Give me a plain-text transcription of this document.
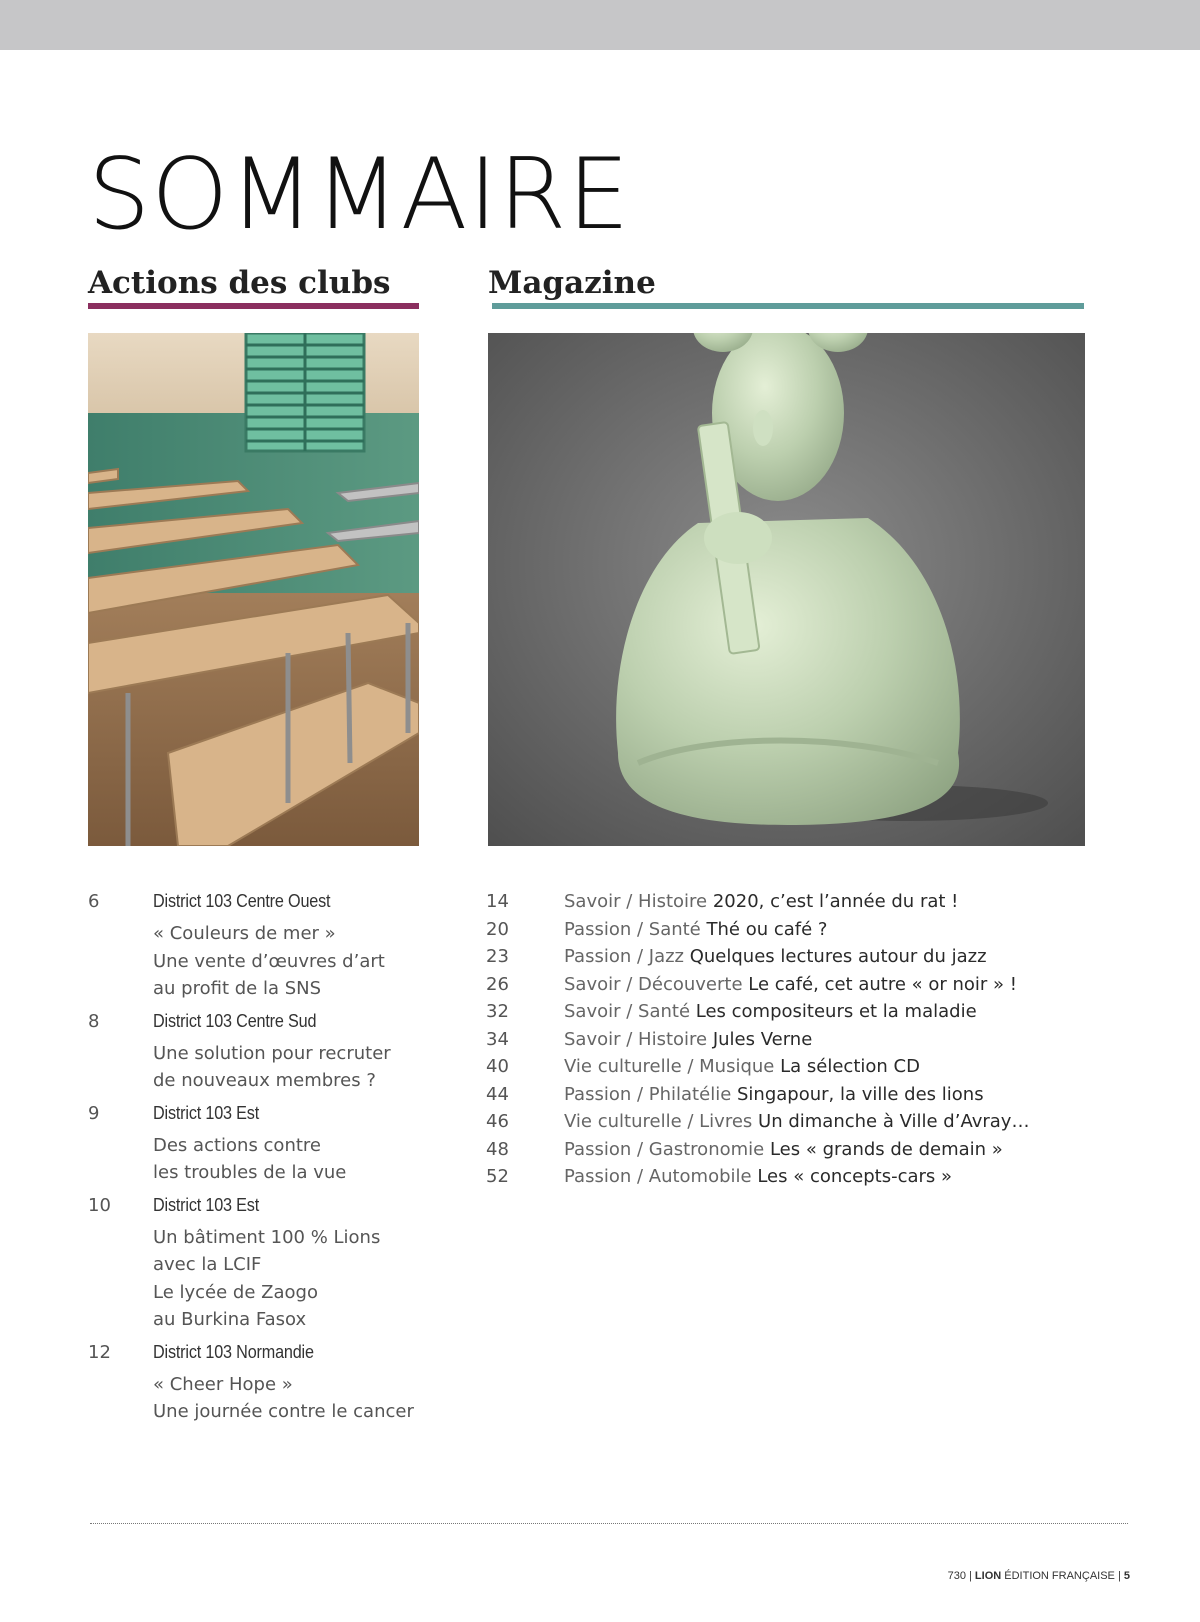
SOMMAIRE
Actions des clubs	Magazine
6	District 103 Centre Ouest
« Couleurs de mer »
Une vente d’œuvres d’art
au profit de la SNS
8	District 103 Centre Sud
Une solution pour recruter
de nouveaux membres ?
9	District 103 Est
Des actions contre
les troubles de la vue
10 District 103 Est
Un bâtiment 100 % Lions
avec la LCIF
Le lycée de Zaogo
au Burkina Fasox
12 District 103 Normandie
« Cheer Hope »
Une journée contre le cancer
14	Savoir / Histoire 2020, c’est l’année du rat !
20	Passion / Santé Thé ou café ?
23	Passion / Jazz Quelques lectures autour du jazz
26	Savoir / Découverte Le café, cet autre « or noir » !
32	Savoir / Santé Les compositeurs et la maladie
34	Savoir / Histoire Jules Verne
40	Vie culturelle / Musique La sélection CD
44	Passion / Philatélie Singapour, la ville des lions
46	Vie culturelle / Livres Un dimanche à Ville d’Avray…
48	Passion / Gastronomie Les « grands de demain »
52	Passion / Automobile Les « concepts-cars »
730 | LION ÉDITION FRANÇAISE | 5
